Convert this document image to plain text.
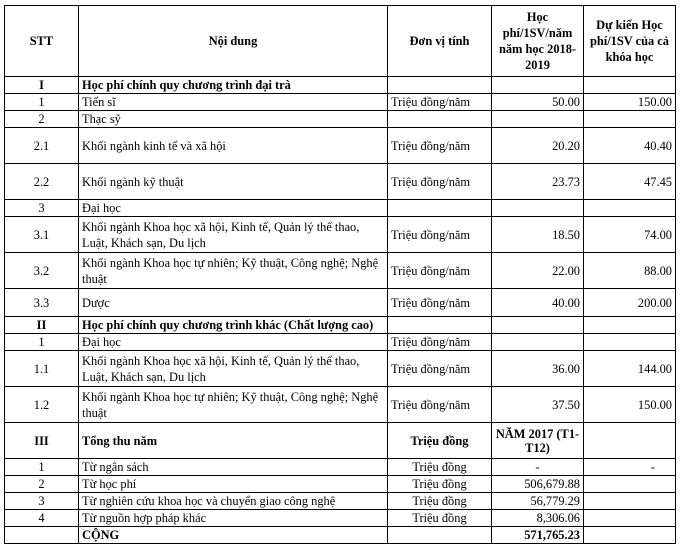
STT	Nội dung	Đơn vị tính	Học phí/1SV/năm năm học 2018-2019	Dự kiến Học phí/1SV của cả khóa học
I	Học phí chính quy chương trình đại trà			
1	Tiến sĩ	Triệu đồng/năm	50.00	150.00
2	Thạc sỹ			
2.1	Khối ngành kinh tế và xã hội	Triệu đồng/năm	20.20	40.40
2.2	Khối ngành kỹ thuật	Triệu đồng/năm	23.73	47.45
3	Đại học			
3.1	Khối ngành Khoa học xã hội, Kinh tế, Quản lý thể thao, Luật, Khách sạn, Du lịch	Triệu đồng/năm	18.50	74.00
3.2	Khối ngành Khoa học tự nhiên; Kỹ thuật, Công nghệ; Nghệ thuật	Triệu đồng/năm	22.00	88.00
3.3	Dược	Triệu đồng/năm	40.00	200.00
II	Học phí chính quy chương trình khác (Chất lượng cao)			
1	Đại học	Triệu đồng/năm		
1.1	Khối ngành Khoa học xã hội, Kinh tế, Quản lý thể thao, Luật, Khách sạn, Du lịch	Triệu đồng/năm	36.00	144.00
1.2	Khối ngành Khoa học tự nhiên; Kỹ thuật, Công nghệ; Nghệ thuật	Triệu đồng/năm	37.50	150.00
III	Tổng thu năm	Triệu đồng	NĂM 2017 (T1-T12)	
1	Từ ngân sách	Triệu đồng	-	-
2	Từ học phí	Triệu đồng	506,679.88	
3	Từ nghiên cứu khoa học và chuyển giao công nghệ	Triệu đồng	56,779.29	
4	Từ nguồn hợp pháp khác	Triệu đồng	8,306.06	
	CỘNG		571,765.23	
